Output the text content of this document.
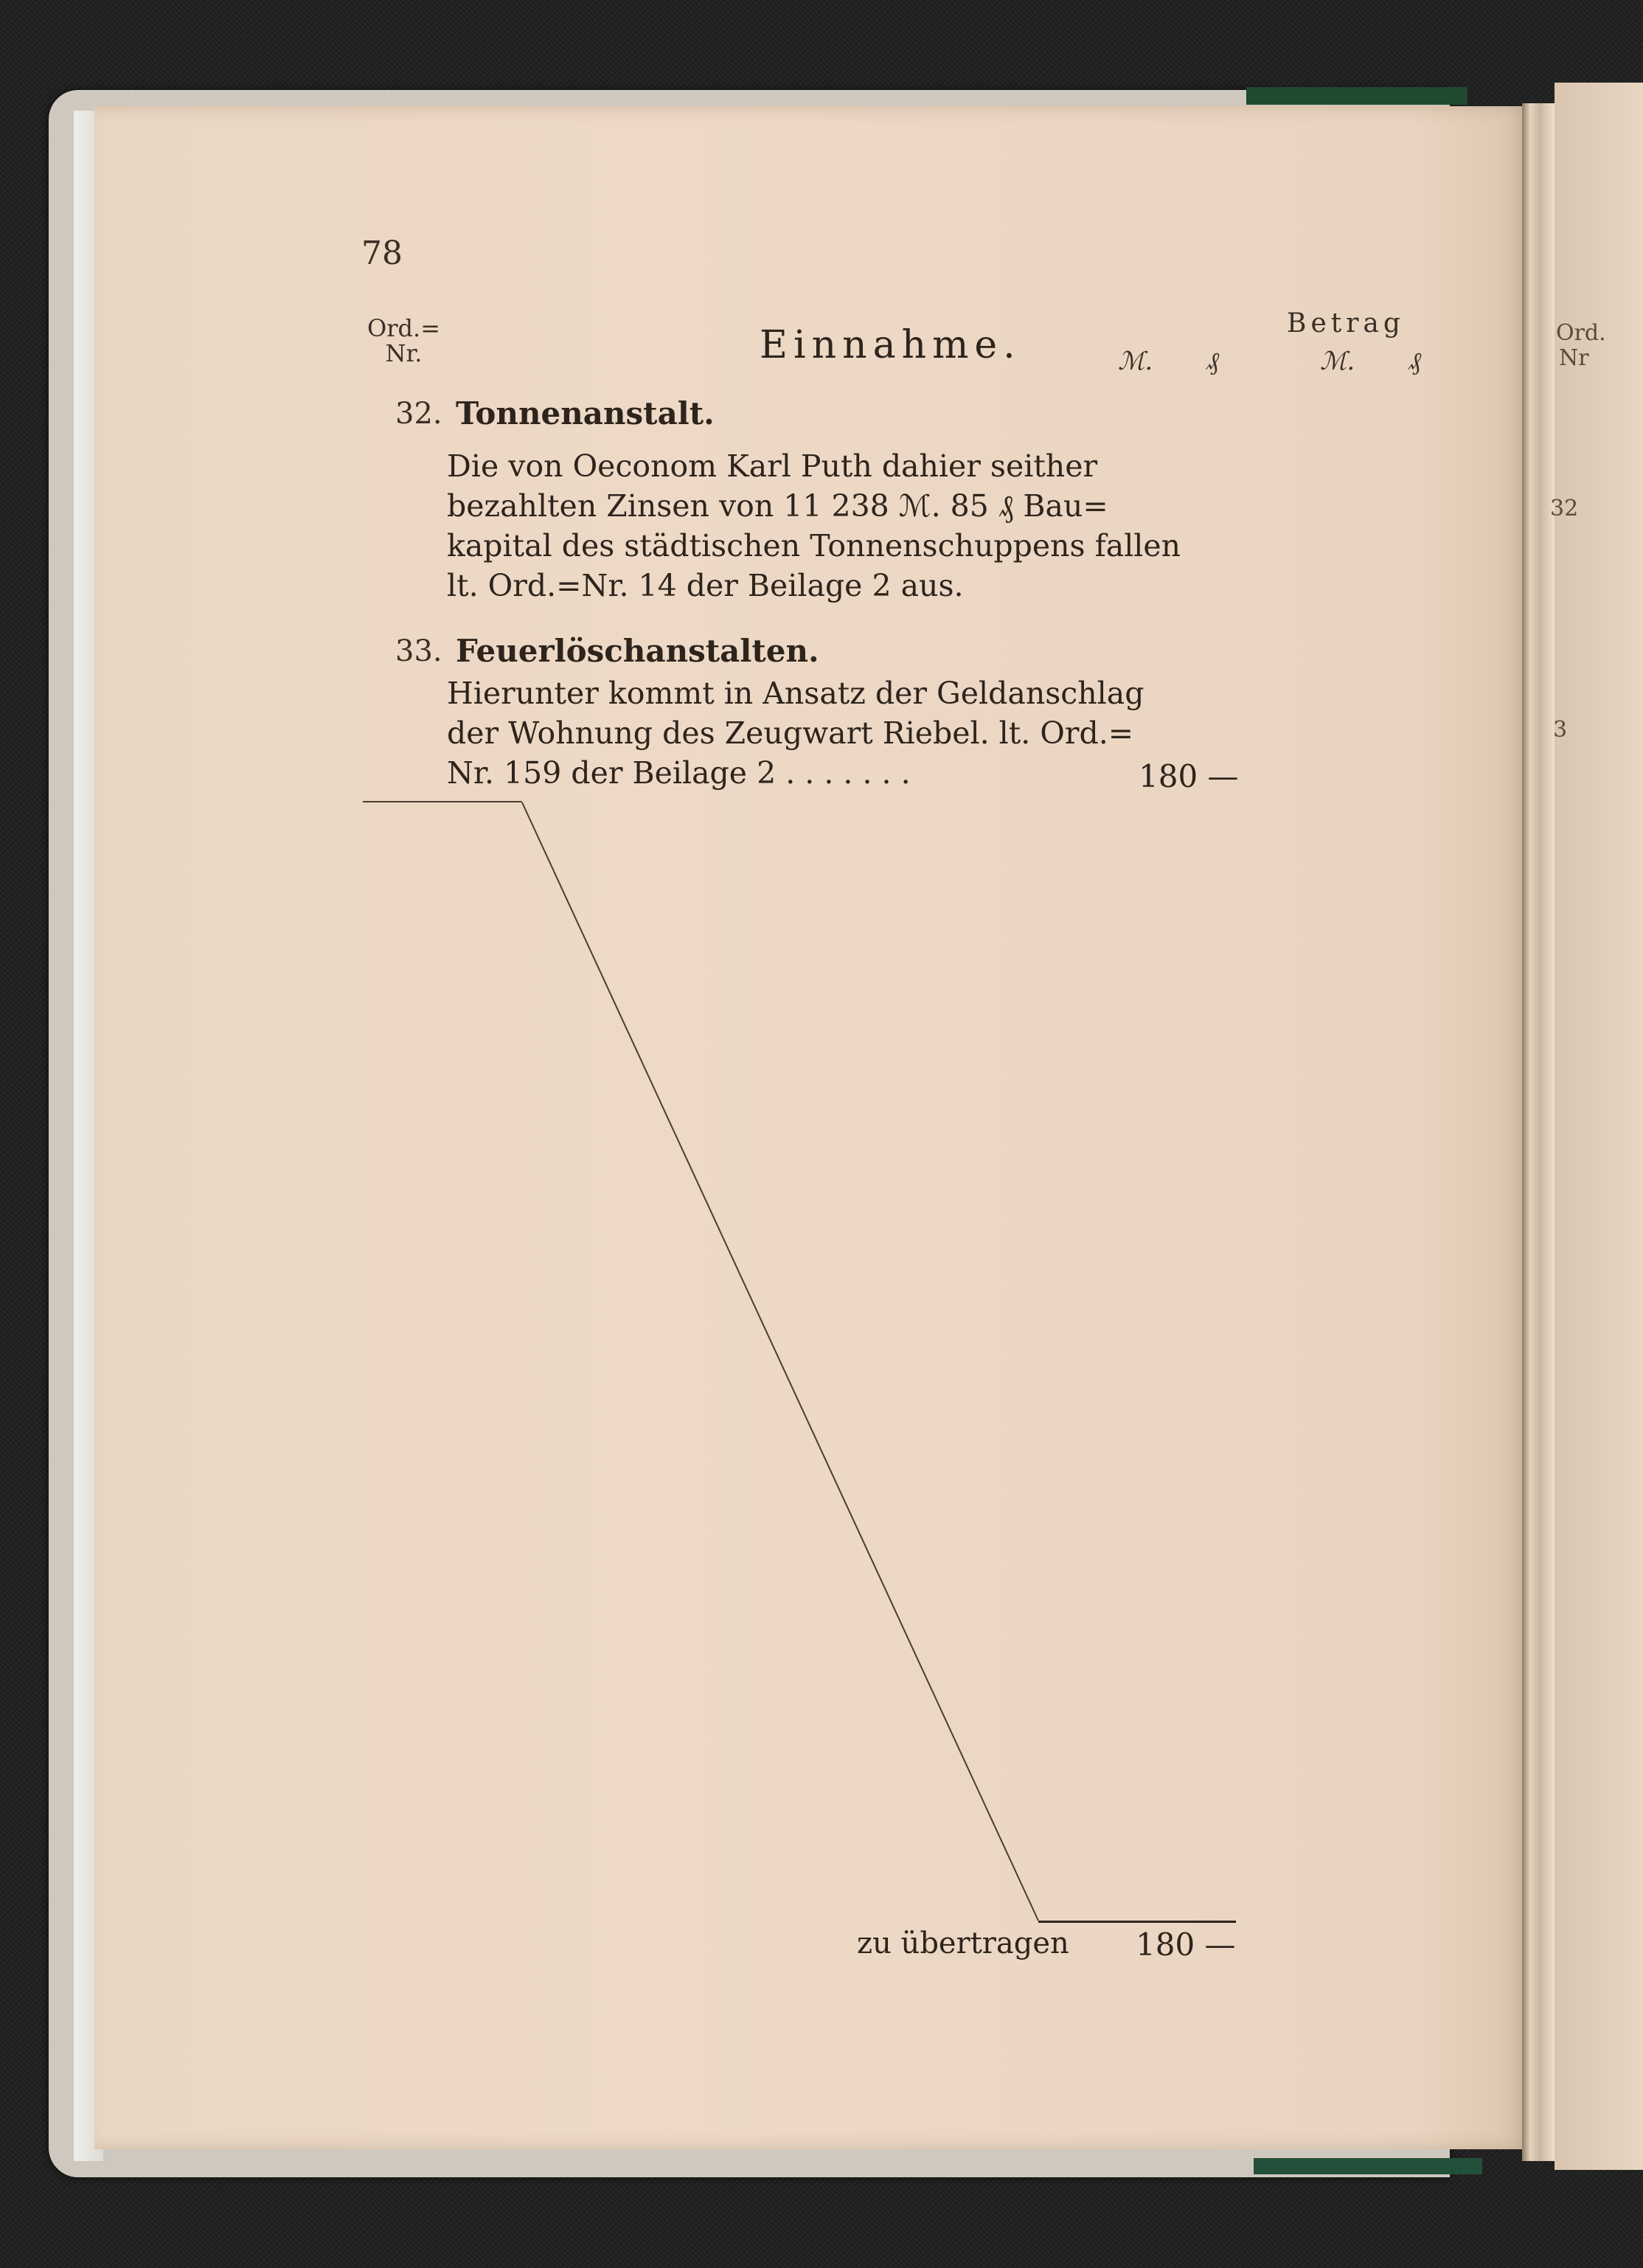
Ord.
Nr
32
3
78
Ord.=
Nr.	Einnahme.	Betrag
ℳ. ₰	ℳ. ₰
32. Tonnenanstalt.
Die von Oeconom Karl Puth dahier seither
bezahlten Zinsen von 11 238 ℳ. 85 ₰ Bau=
kapital des städtischen Tonnenschuppens fallen
lt. Ord.=Nr. 14 der Beilage 2 aus.
33. Feuerlöschanstalten.
Hierunter kommt in Ansatz der Geldanschlag
der Wohnung des Zeugwart Riebel. lt. Ord.=
Nr. 159 der Beilage 2 . . . . . . .	180 —
zu übertragen 180 —
